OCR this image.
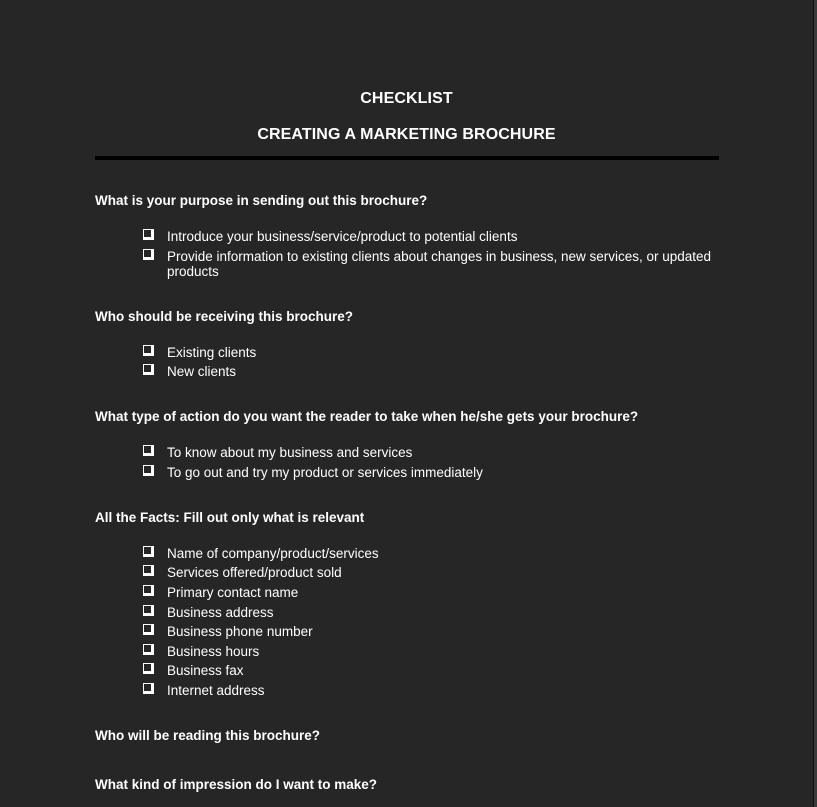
CHECKLIST
CREATING A MARKETING BROCHURE
What is your purpose in sending out this brochure?
Introduce your business/service/product to potential clients
Provide information to existing clients about changes in business, new services, or updated products
Who should be receiving this brochure?
Existing clients
New clients
What type of action do you want the reader to take when he/she gets your brochure?
To know about my business and services
To go out and try my product or services immediately
All the Facts: Fill out only what is relevant
Name of company/product/services
Services offered/product sold
Primary contact name
Business address
Business phone number
Business hours
Business fax
Internet address
Who will be reading this brochure?
What kind of impression do I want to make?
